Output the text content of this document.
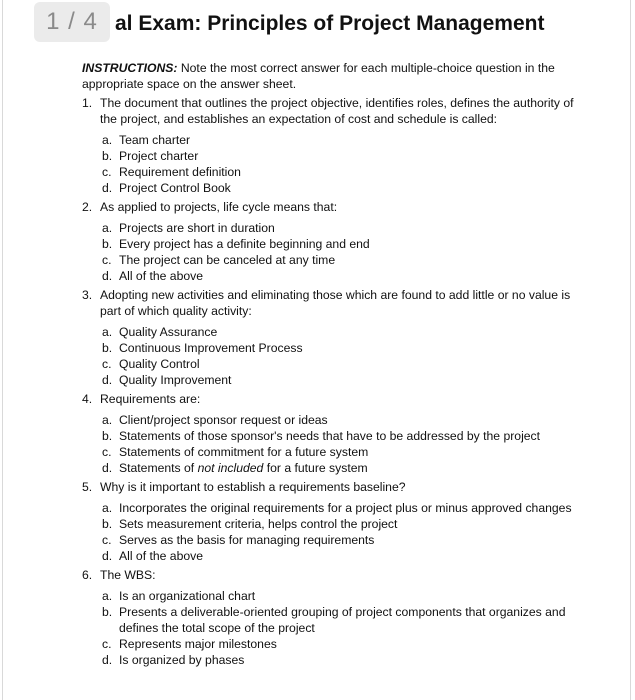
1 / 4 al Exam: Principles of Project Management

INSTRUCTIONS: Note the most correct answer for each multiple-choice question in the appropriate space on the answer sheet.

1. The document that outlines the project objective, identifies roles, defines the authority of the project, and establishes an expectation of cost and schedule is called:
a. Team charter
b. Project charter
c. Requirement definition
d. Project Control Book
2. As applied to projects, life cycle means that:
a. Projects are short in duration
b. Every project has a definite beginning and end
c. The project can be canceled at any time
d. All of the above
3. Adopting new activities and eliminating those which are found to add little or no value is part of which quality activity:
a. Quality Assurance
b. Continuous Improvement Process
c. Quality Control
d. Quality Improvement
4. Requirements are:
a. Client/project sponsor request or ideas
b. Statements of those sponsor's needs that have to be addressed by the project
c. Statements of commitment for a future system
d. Statements of not included for a future system
5. Why is it important to establish a requirements baseline?
a. Incorporates the original requirements for a project plus or minus approved changes
b. Sets measurement criteria, helps control the project
c. Serves as the basis for managing requirements
d. All of the above
6. The WBS:
a. Is an organizational chart
b. Presents a deliverable-oriented grouping of project components that organizes and defines the total scope of the project
c. Represents major milestones
d. Is organized by phases
